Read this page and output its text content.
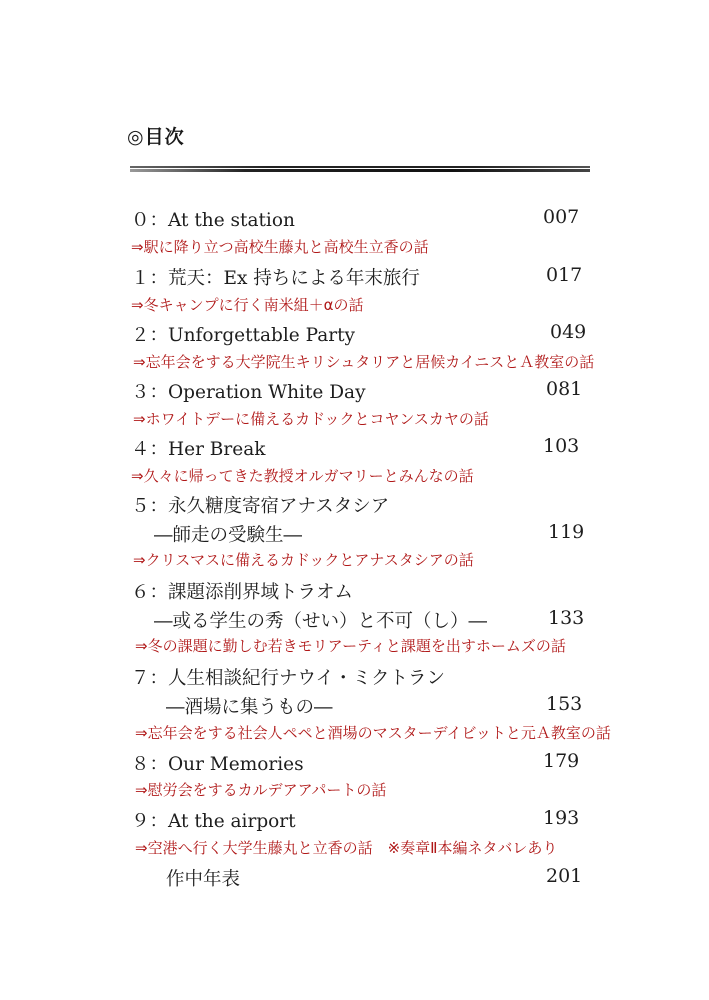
◎目次
０：At the station	007
⇒駅に降り立つ高校生藤丸と高校生立香の話
１：荒天：Ex 持ちによる年末旅行	017
⇒冬キャンプに行く南米組＋αの話
２：Unforgettable Party	049
⇒忘年会をする大学院生キリシュタリアと居候カイニスとＡ教室の話
３：Operation White Day	081
⇒ホワイトデーに備えるカドックとコヤンスカヤの話
４：Her Break	103
⇒久々に帰ってきた教授オルガマリーとみんなの話
５：永久糖度寄宿アナスタシア
―師走の受験生―	119
⇒クリスマスに備えるカドックとアナスタシアの話
６：課題添削界域トラオム
―或る学生の秀（せい）と不可（し）―	133
⇒冬の課題に勤しむ若きモリアーティと課題を出すホームズの話
７：人生相談紀行ナウイ・ミクトラン
―酒場に集うもの―	153
⇒忘年会をする社会人ペペと酒場のマスターデイビットと元Ａ教室の話
８：Our Memories	179
⇒慰労会をするカルデアアパートの話
９：At the airport	193
⇒空港へ行く大学生藤丸と立香の話　※奏章Ⅱ本編ネタバレあり
作中年表	201
